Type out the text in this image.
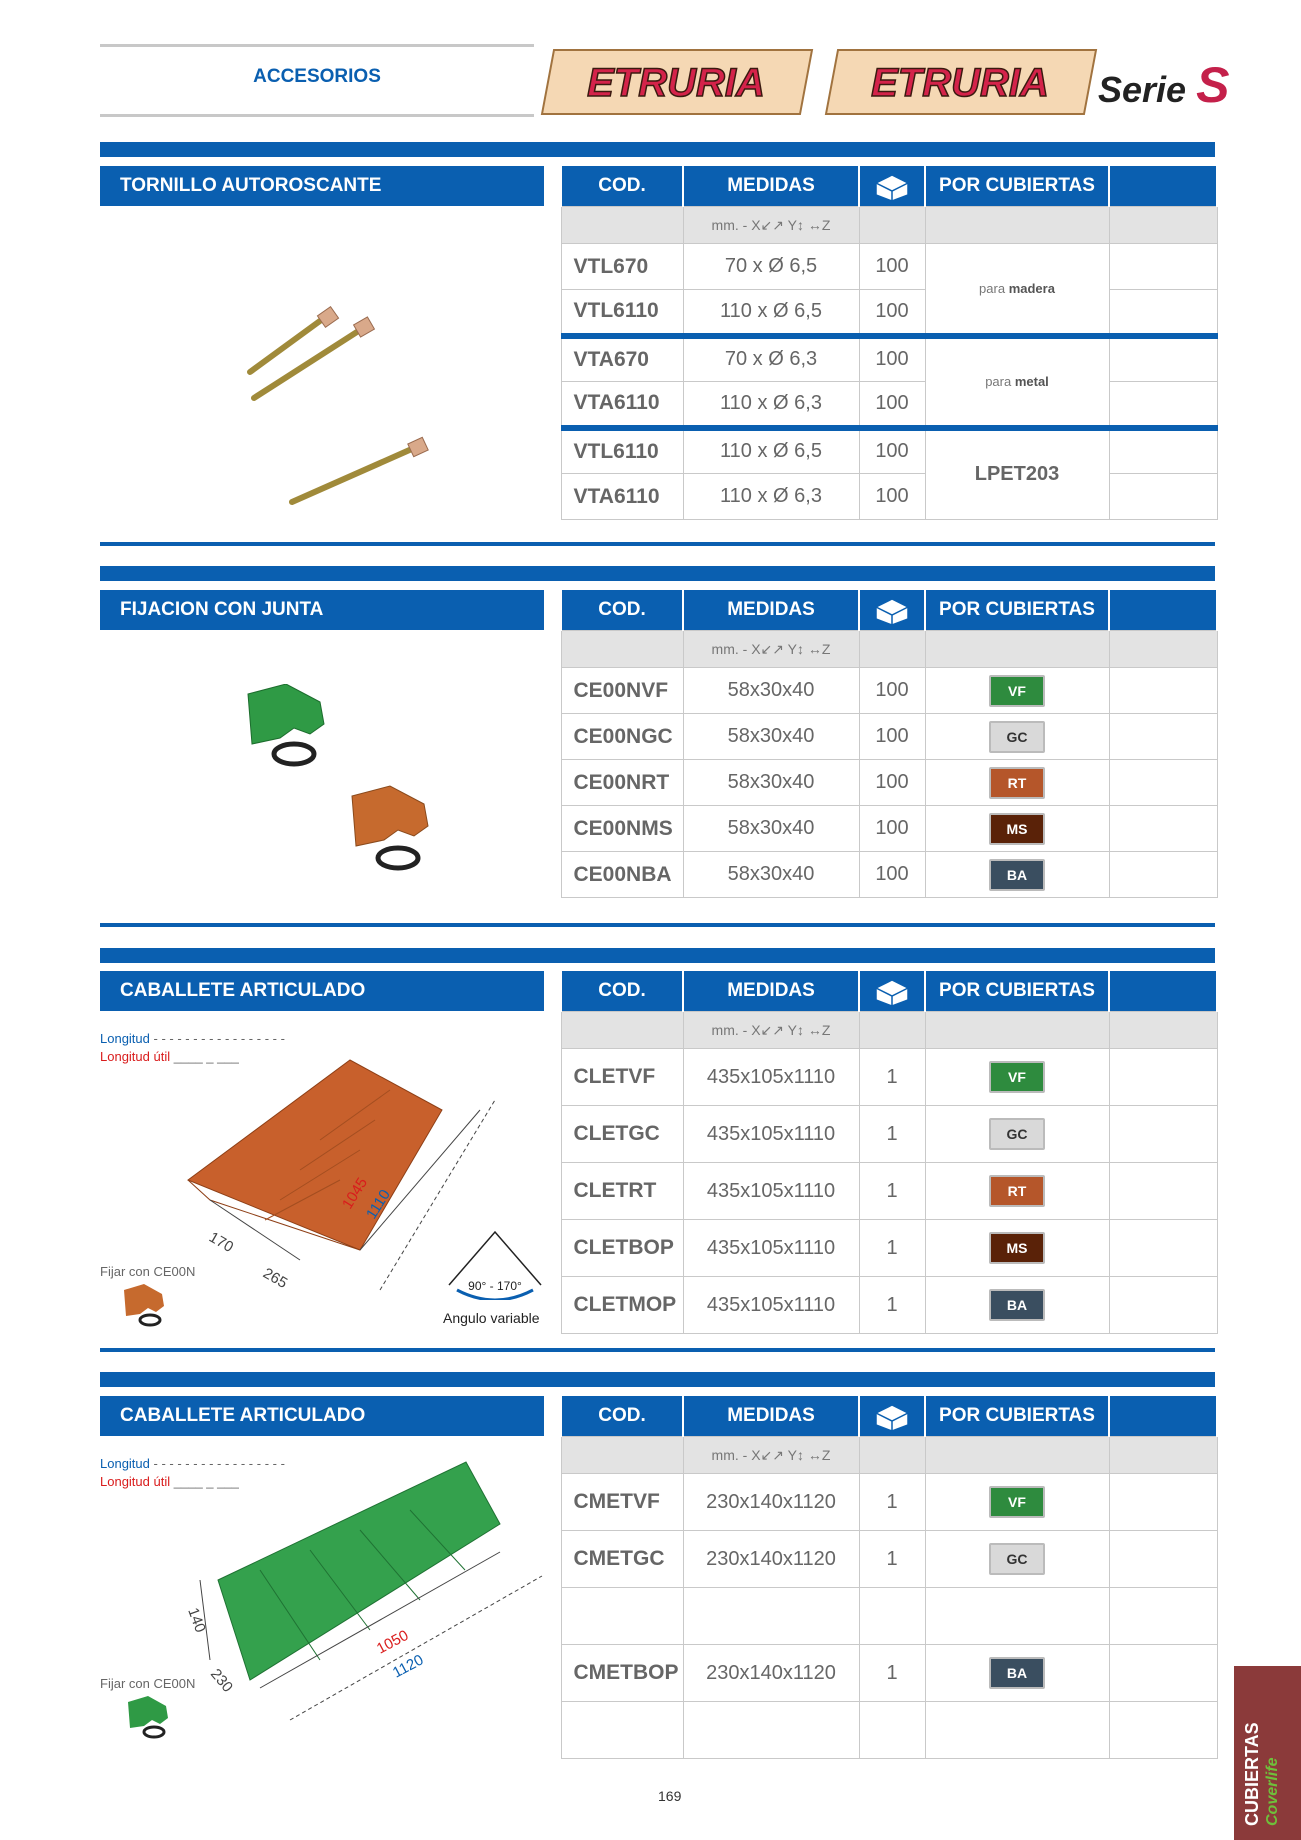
ACCESORIOS	ETRURIA	ETRURIA Serie S
TORNILLO AUTOROSCANTE	COD.	MEDIDAS		POR CUBIERTAS	
	mm. - X↙↗ Y↕ ↔Z			
VTL670	70 x Ø 6,5	100	para madera	
VTL6110	110 x Ø 6,5	100		
VTA670	70 x Ø 6,3	100	para metal	
VTA6110	110 x Ø 6,3	100		
VTL6110	110 x Ø 6,5	100	LPET203	
VTA6110	110 x Ø 6,3	100		
FIJACION CON JUNTA	COD.	MEDIDAS		POR CUBIERTAS	
	mm. - X↙↗ Y↕ ↔Z			
CE00NVF	58x30x40	100	VF	
CE00NGC	58x30x40	100	GC	
CE00NRT	58x30x40	100	RT	
CE00NMS	58x30x40	100	MS	
CE00NBA	58x30x40	100	BA	
CABALLETE ARTICULADO
Longitud - - - - - - - - - - - - - - - - -
Longitud útil ____ _ ___
1045
1110
170
265	90° - 170°
Angulo variable
Fijar con CE00N
COD.	MEDIDAS		POR CUBIERTAS	
	mm. - X↙↗ Y↕ ↔Z			
CLETVF	435x105x1110	1	VF	
CLETGC	435x105x1110	1	GC	
CLETRT	435x105x1110	1	RT	
CLETBOP	435x105x1110	1	MS	
CLETMOP	435x105x1110	1	BA	
CABALLETE ARTICULADO
Longitud - - - - - - - - - - - - - - - - -
Longitud útil ____ _ ___
1050
1120
140
230
Fijar con CE00N
COD.	MEDIDAS		POR CUBIERTAS	
	mm. - X↙↗ Y↕ ↔Z			
CMETVF	230x140x1120	1	VF	
CMETGC	230x140x1120	1	GC	

CMETBOP	230x140x1120	1	BA	

169	CUBIERTAS Coverlife
